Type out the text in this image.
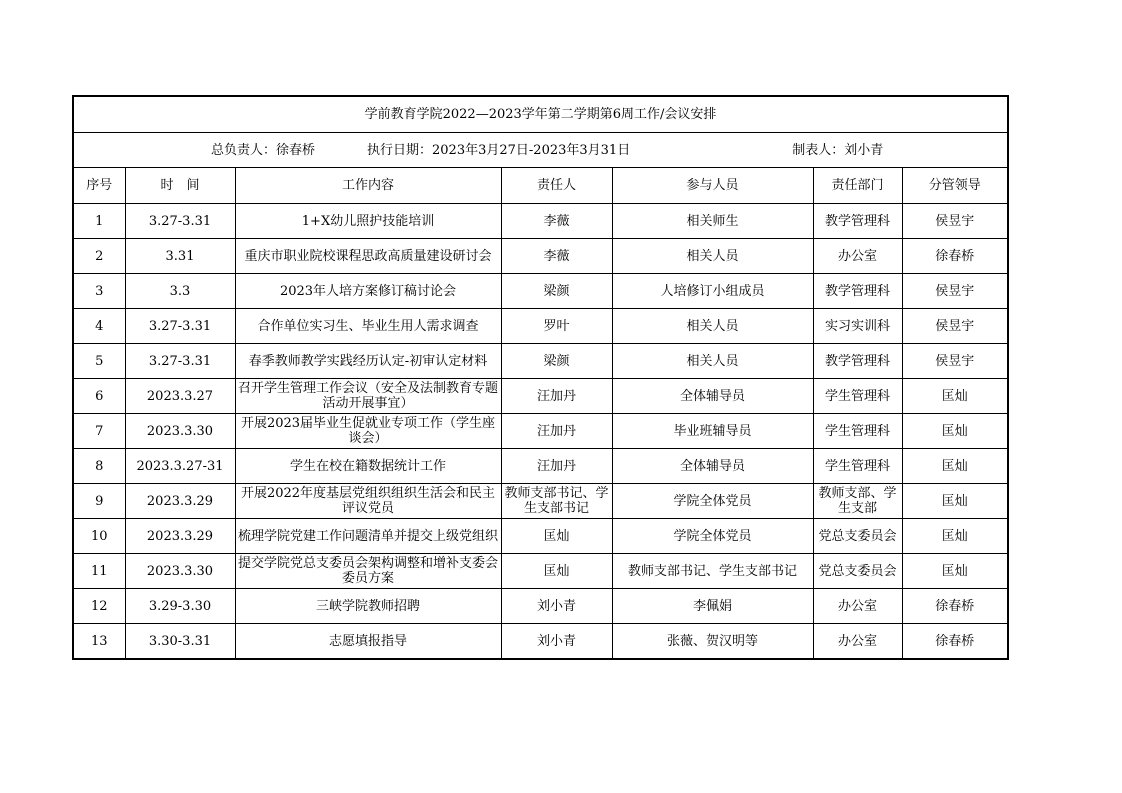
学前教育学院2022—2023学年第二学期第6周工作/会议安排						

总负责人：徐春桥 执行日期：2023年3月27日-2023年3月31日 制表人：刘小青						

序号	时　间	工作内容	责任人	参与人员	责任部门	分管领导
1	3.27-3.31	1+X幼儿照护技能培训	李薇	相关师生	教学管理科	侯昱宇
2	3.31	重庆市职业院校课程思政高质量建设研讨会	李薇	相关人员	办公室	徐春桥
3	3.3	2023年人培方案修订稿讨论会	梁颜	人培修订小组成员	教学管理科	侯昱宇
4	3.27-3.31	合作单位实习生、毕业生用人需求调查	罗叶	相关人员	实习实训科	侯昱宇
5	3.27-3.31	春季教师教学实践经历认定-初审认定材料	梁颜	相关人员	教学管理科	侯昱宇
6	2023.3.27	召开学生管理工作会议（安全及法制教育专题活动开展事宜）	汪加丹	全体辅导员	学生管理科	匡灿
7	2023.3.30	开展2023届毕业生促就业专项工作（学生座谈会）	汪加丹	毕业班辅导员	学生管理科	匡灿
8	2023.3.27-31	学生在校在籍数据统计工作	汪加丹	全体辅导员	学生管理科	匡灿
9	2023.3.29	开展2022年度基层党组织组织生活会和民主评议党员	教师支部书记、学生支部书记	学院全体党员	教师支部、学生支部	匡灿
10	2023.3.29	梳理学院党建工作问题清单并提交上级党组织	匡灿	学院全体党员	党总支委员会	匡灿
11	2023.3.30	提交学院党总支委员会架构调整和增补支委会委员方案	匡灿	教师支部书记、学生支部书记	党总支委员会	匡灿
12	3.29-3.30	三峡学院教师招聘	刘小青	李佩娟	办公室	徐春桥
13	3.30-3.31	志愿填报指导	刘小青	张薇、贺汉明等	办公室	徐春桥
